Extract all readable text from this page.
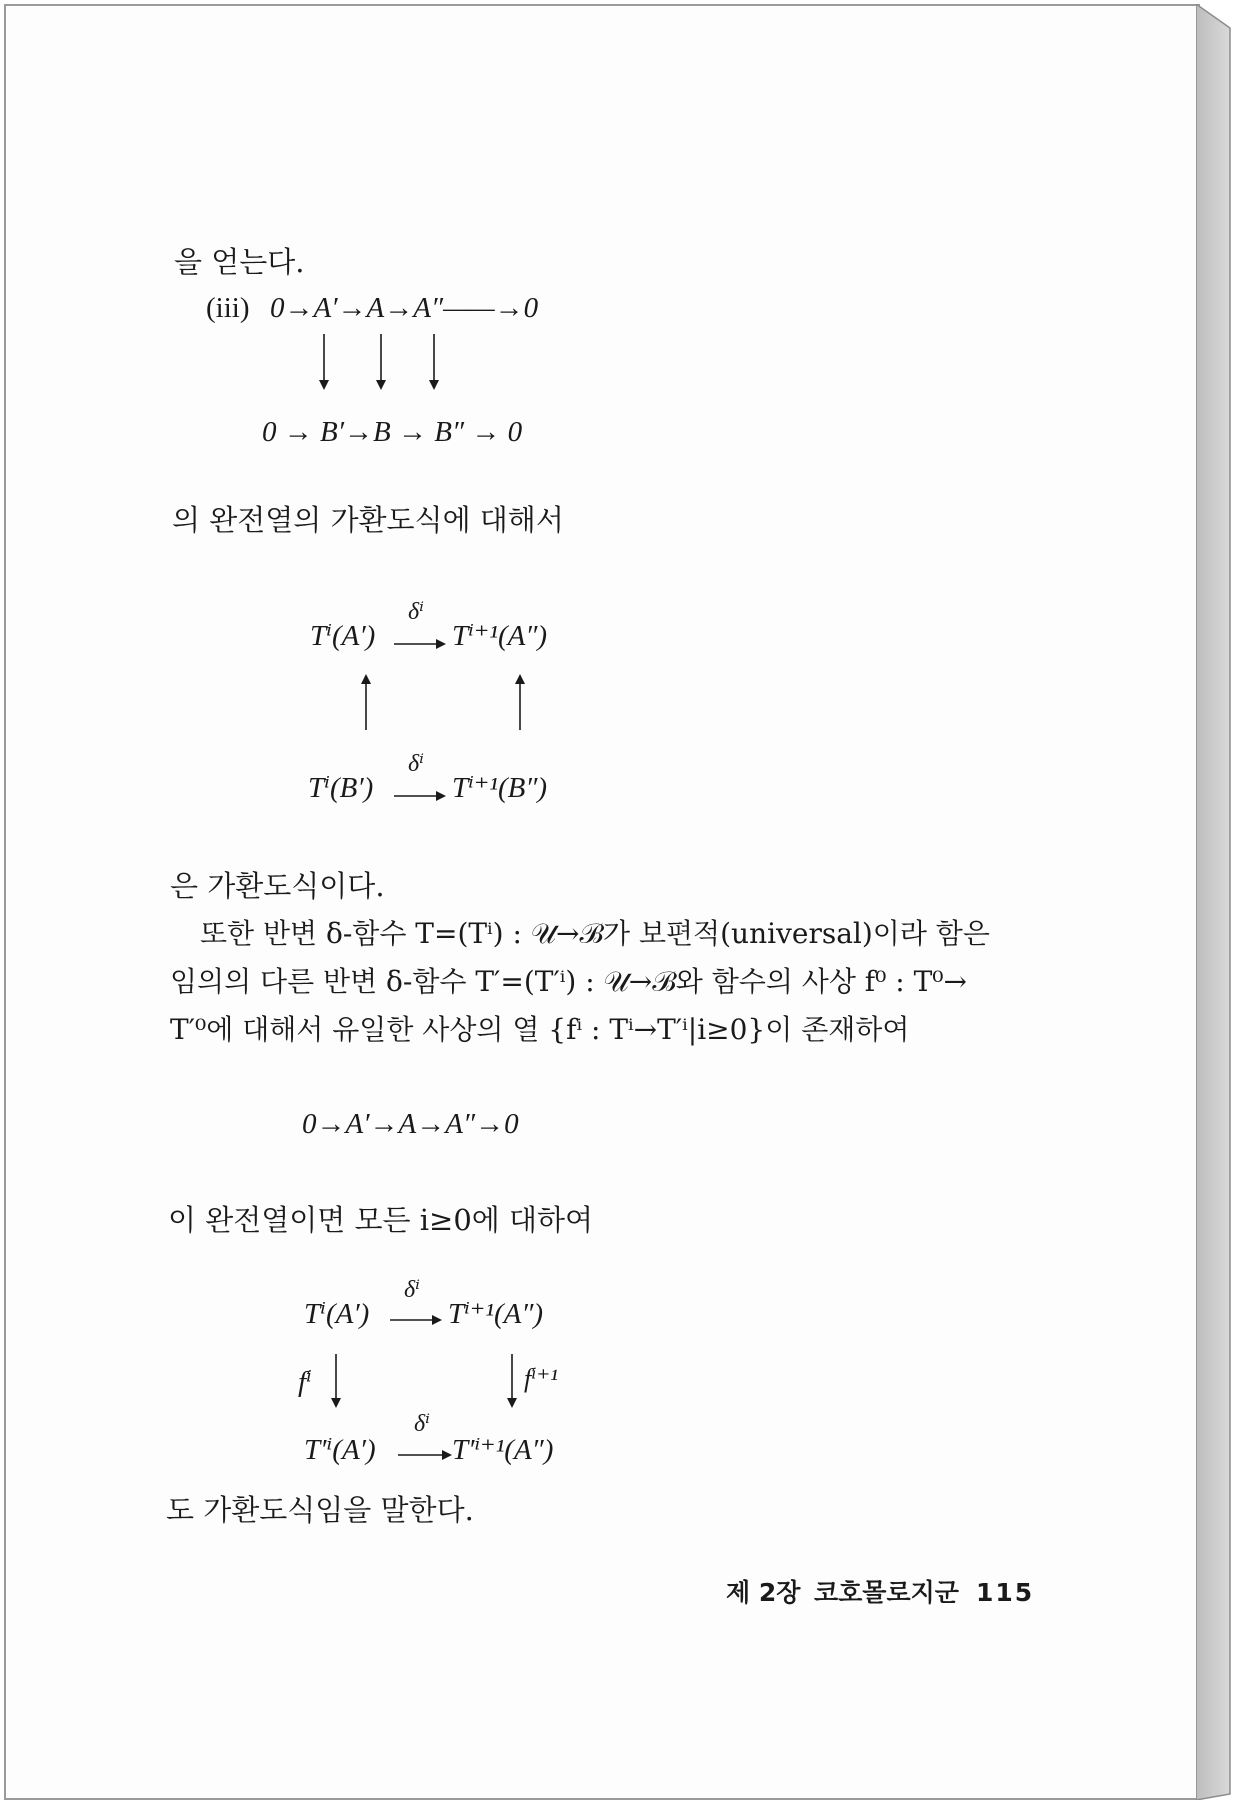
을 얻는다.
(iii) 0→A′→A→A″——→0
0 → B′→B → B″ → 0
의 완전열의 가환도식에 대해서
Tⁱ(A′)
δⁱ
Tⁱ⁺¹(A″)
Tⁱ(B′)
δⁱ
Tⁱ⁺¹(B″)
은 가환도식이다.
또한 반변 δ-함수 T=(Tⁱ) : 𝒰→ℬ가 보편적(universal)이라 함은
임의의 다른 반변 δ-함수 T′=(T′ⁱ) : 𝒰→ℬ와 함수의 사상 f⁰ : T⁰→
T′⁰에 대해서 유일한 사상의 열 {fⁱ : Tⁱ→T′ⁱ|i≥0}이 존재하여
0→A′→A→A″→0
이 완전열이면 모든 i≥0에 대하여
Tⁱ(A′)
δⁱ
Tⁱ⁺¹(A″)
fⁱ	fⁱ⁺¹
T′ⁱ(A′)
δⁱ
T′ⁱ⁺¹(A″)
도 가환도식임을 말한다.
제 2장 코호몰로지군 115
